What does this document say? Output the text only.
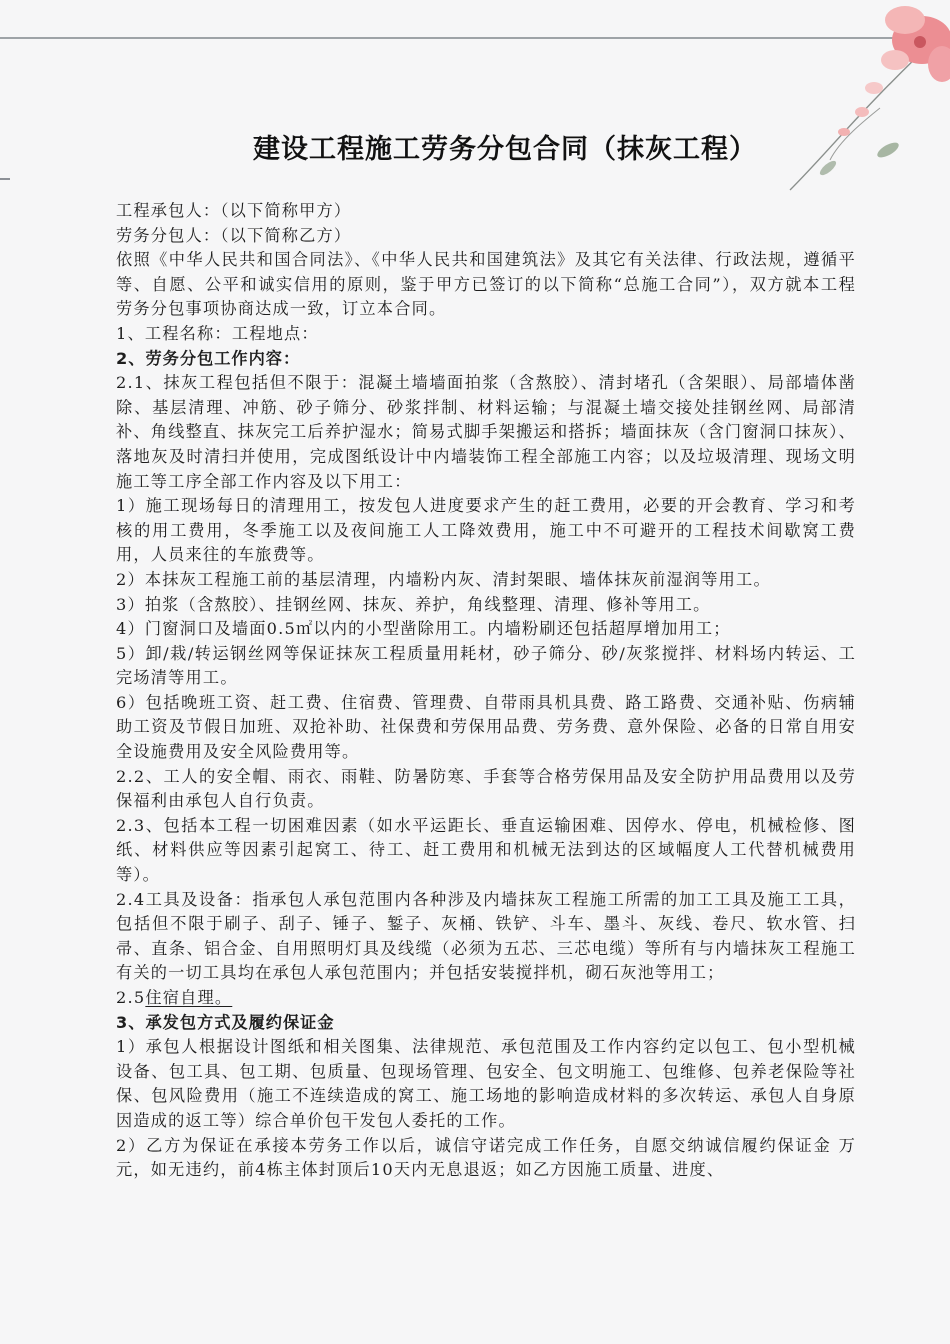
建设工程施工劳务分包合同（抹灰工程）

工程承包人：（以下简称甲方）

劳务分包人：（以下简称乙方）

依照《中华人民共和国合同法》、《中华人民共和国建筑法》及其它有关法律、行政法规，遵循平等、自愿、公平和诚实信用的原则，鉴于甲方已签订的以下简称“总施工合同”），双方就本工程劳务分包事项协商达成一致，订立本合同。

1、工程名称：工程地点：

2、劳务分包工作内容：

2.1、抹灰工程包括但不限于：混凝土墙墙面拍浆（含熬胶）、清封堵孔（含架眼）、局部墙体凿除、基层清理、冲筋、砂子筛分、砂浆拌制、材料运输；与混凝土墙交接处挂钢丝网、局部清补、角线整直、抹灰完工后养护湿水；简易式脚手架搬运和搭拆；墙面抹灰（含门窗洞口抹灰）、落地灰及时清扫并使用，完成图纸设计中内墙装饰工程全部施工内容；以及垃圾清理、现场文明施工等工序全部工作内容及以下用工：

1）施工现场每日的清理用工，按发包人进度要求产生的赶工费用，必要的开会教育、学习和考核的用工费用，冬季施工以及夜间施工人工降效费用，施工中不可避开的工程技术间歇窝工费用，人员来往的车旅费等。

2）本抹灰工程施工前的基层清理，内墙粉内灰、清封架眼、墙体抹灰前湿润等用工。

3）拍浆（含熬胶）、挂钢丝网、抹灰、养护，角线整理、清理、修补等用工。

4）门窗洞口及墙面0.5㎡以内的小型凿除用工。内墙粉刷还包括超厚增加用工；

5）卸/栽/转运钢丝网等保证抹灰工程质量用耗材，砂子筛分、砂/灰浆搅拌、材料场内转运、工完场清等用工。

6）包括晚班工资、赶工费、住宿费、管理费、自带雨具机具费、路工路费、交通补贴、伤病辅助工资及节假日加班、双抢补助、社保费和劳保用品费、劳务费、意外保险、必备的日常自用安全设施费用及安全风险费用等。

2.2、工人的安全帽、雨衣、雨鞋、防暑防寒、手套等合格劳保用品及安全防护用品费用以及劳保福利由承包人自行负责。

2.3、包括本工程一切困难因素（如水平运距长、垂直运输困难、因停水、停电，机械检修、图纸、材料供应等因素引起窝工、待工、赶工费用和机械无法到达的区域幅度人工代替机械费用等）。

2.4工具及设备：指承包人承包范围内各种涉及内墙抹灰工程施工所需的加工工具及施工工具，包括但不限于刷子、刮子、锤子、錾子、灰桶、铁铲、斗车、墨斗、灰线、卷尺、软水管、扫帚、直条、铝合金、自用照明灯具及线缆（必须为五芯、三芯电缆）等所有与内墙抹灰工程施工有关的一切工具均在承包人承包范围内；并包括安装搅拌机，砌石灰池等用工；

2.5住宿自理。

3、承发包方式及履约保证金

1）承包人根据设计图纸和相关图集、法律规范、承包范围及工作内容约定以包工、包小型机械设备、包工具、包工期、包质量、包现场管理、包安全、包文明施工、包维修、包养老保险等社保、包风险费用（施工不连续造成的窝工、施工场地的影响造成材料的多次转运、承包人自身原因造成的返工等）综合单价包干发包人委托的工作。

2）乙方为保证在承接本劳务工作以后，诚信守诺完成工作任务，自愿交纳诚信履约保证金 万元，如无违约，前4栋主体封顶后10天内无息退返；如乙方因施工质量、进度、
